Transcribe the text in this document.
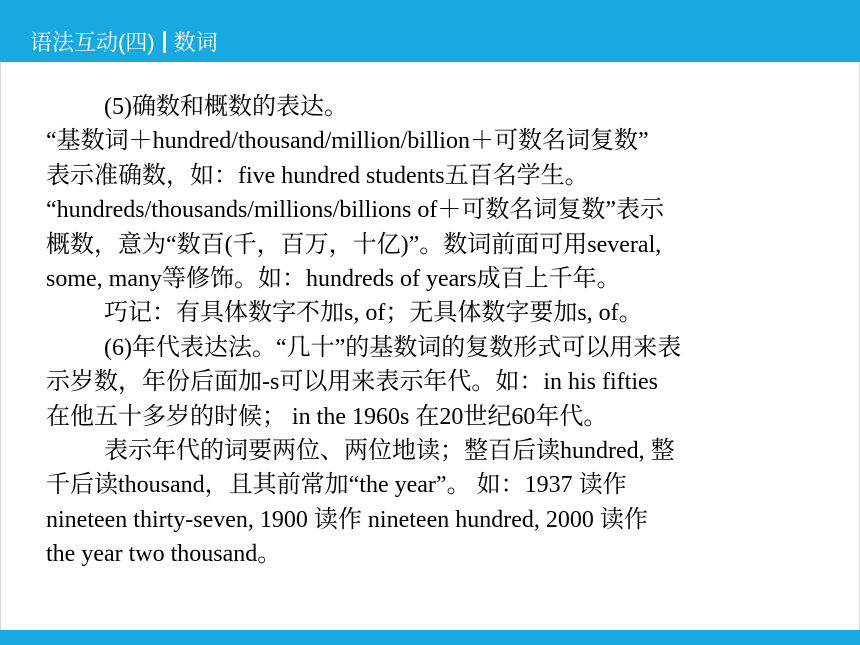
语法互动(四) 数词
(5)确数和概数的表达。
“基数词＋hundred/thousand/million/billion＋可数名词复数”
表示准确数，如：five hundred students五百名学生。
“hundreds/thousands/millions/billions of＋可数名词复数”表示
概数，意为“数百(千，百万，十亿)”。数词前面可用several,
some, many等修饰。如：hundreds of years成百上千年。
巧记：有具体数字不加s, of；无具体数字要加s, of。
(6)年代表达法。“几十”的基数词的复数形式可以用来表
示岁数，年份后面加-s可以用来表示年代。如：in his fifties
在他五十多岁的时候； in the 1960s 在20世纪60年代。
表示年代的词要两位、两位地读；整百后读hundred, 整
千后读thousand，且其前常加“the year”。 如：1937 读作
nineteen thirty-seven, 1900 读作 nineteen hundred, 2000 读作
the year two thousand。
